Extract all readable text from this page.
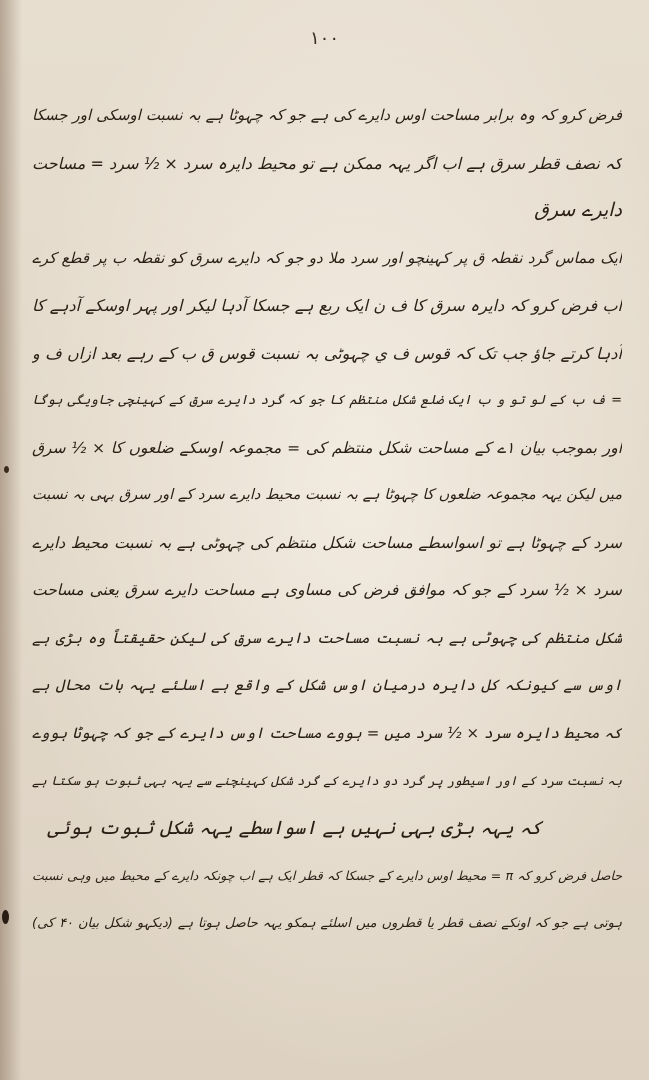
۱۰۰
فرض کرو کہ وہ برابر مساحت اوس دایرے کی ہے جو کہ چہوٹا ہے بہ نسبت اوسکی اور جسکا
کہ نصف قطر سرق ہے اب اگر یہہ ممکن ہے تو محیط دایرہ سرد × ½ سرد = مساحت
دایرے سرق
ایک مماس گرد نقطہ ق پر کہینچو اور سرد ملا دو جو کہ دایرے سرق کو نقطہ ب پر قطع کرے
اب فرض کرو کہ دایرہ سرق کا ف ن ایک ربع ہے جسکا آدہا لیکر اور پہر اوسکے آدہے کا
آدہا کرتے جاؤ جب تک کہ قوس ف ي چہوٹی بہ نسبت قوس ق ب کے رہے بعد ازاں ف و
= ف ب کے لو تو و ب ایک ضلع شکل منتظم کا جو کہ گرد دایرے سرق کے کہینچی جاویگی ہوگا
اور بموجب بیان ۱ے کے مساحت شکل منتظم کی = مجموعہ اوسکے ضلعوں کا × ½ سرق
میں لیکن یہہ مجموعہ ضلعوں کا چہوٹا ہے بہ نسبت محیط دایرے سرد کے اور سرق بہی بہ نسبت
سرد کے چہوٹا ہے تو اسواسطے مساحت شکل منتظم کی چہوٹی ہے بہ نسبت محیط دایرے
سرد × ½ سرد کے جو کہ موافق فرض کی مساوی ہے مساحت دایرے سرق یعنی مساحت
شکل منتظم کی چہوٹی ہے بہ نسبت مساحت دایرے سرق کی لیکن حقیقتاً وہ بڑی ہے
اوس سے کیونکہ کل دایرہ درمیان اوس شکل کے واقع ہے اسلئے یہہ بات محال ہے
کہ محیط دایرہ سرد × ½ سرد میں = ہووے مساحت اوس دایرے کے جو کہ چہوٹا ہووے
بہ نسبت سرد کے اور اسیطور پر گرد دو دایرے کے گرد شکل کہینچنے سے یہہ بہی ثبوت ہو سکتا ہے
کہ یہہ بڑی بہی نہیں ہے اسواسطے یہہ شکل ثبوت ہوئی
حاصل فرض کرو کہ π = محیط اوس دایرے کے جسکا کہ قطر ایک ہے اب چونکہ دایرے کے محیط میں وہی نسبت
ہوتی ہے جو کہ اونکے نصف قطر یا قطروں میں اسلئے ہمکو یہہ حاصل ہوتا ہے (دیکہو شکل بیان ۴۰ کی)
